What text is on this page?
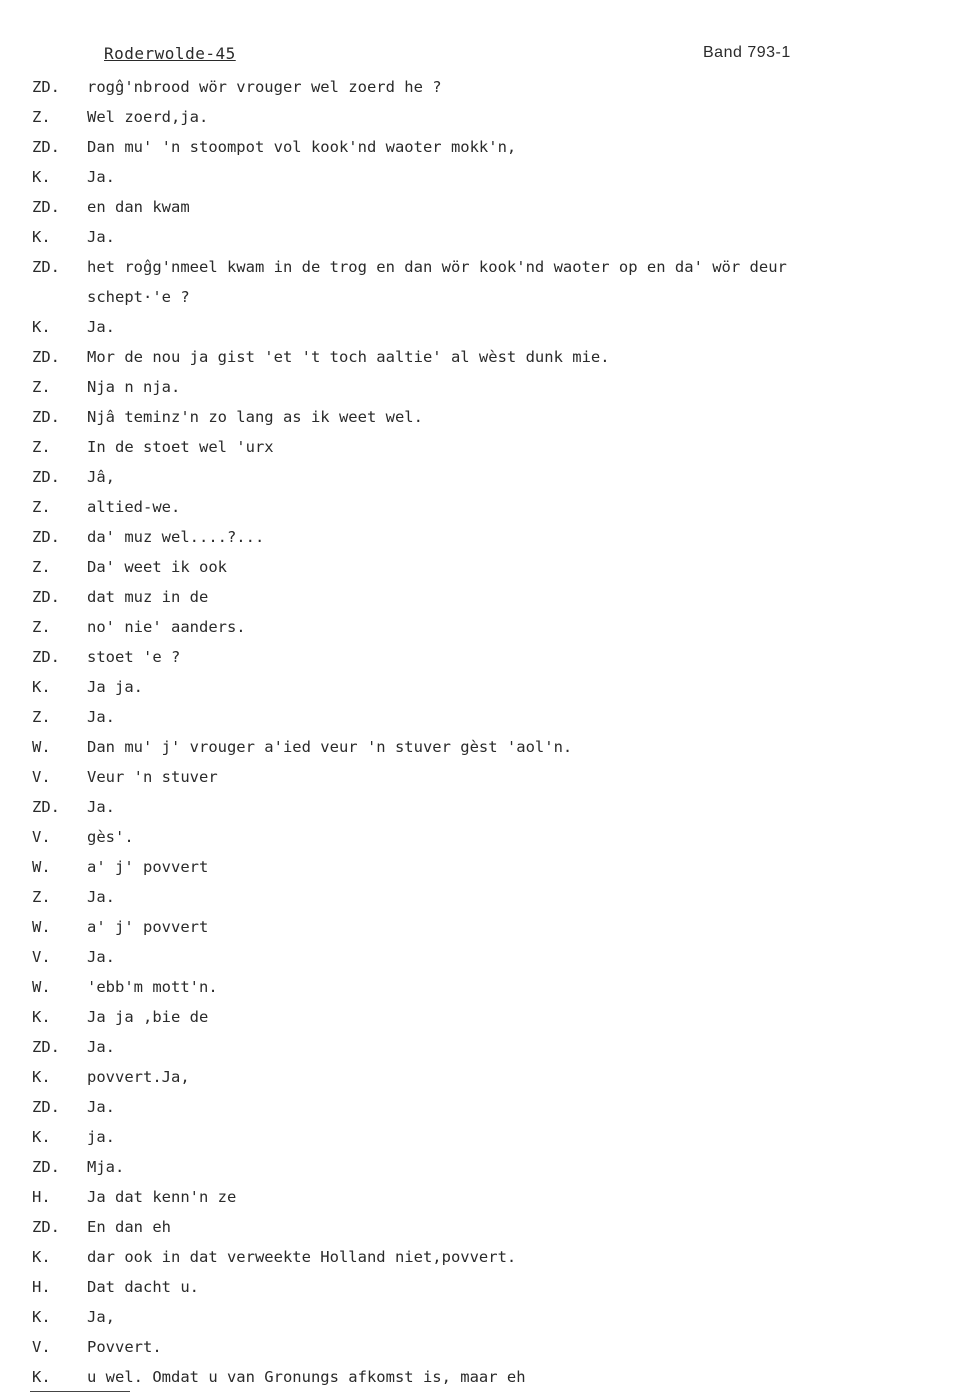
Roderwolde-45	Band 793-1
ZD.	rogĝ'nbrood wör vrouger wel zoerd he ?
Z.	Wel zoerd,ja.
ZD.	Dan mu' 'n stoompot vol kook'nd waoter mokk'n,
K.	Ja.
ZD.	en dan kwam
K.	Ja.
ZD.	het roĝg'nmeel kwam in de trog en dan wör kook'nd waoter op en da' wör deur
schept·'e ?
K.	Ja.
ZD.	Mor de nou ja gist 'et 't toch aaltie' al wèst dunk mie.
Z.	Nja n nja.
ZD.	Njâ teminz'n zo lang as ik weet wel.
Z.	In de stoet wel 'urx
ZD.	Jâ,
Z.	altied-we.
ZD.	da' muz wel....?...
Z.	Da' weet ik ook
ZD.	dat muz in de
Z.	no' nie' aanders.
ZD.	stoet 'e ?
K.	Ja ja.
Z.	Ja.
W.	Dan mu' j' vrouger a'ied veur 'n stuver gèst 'aol'n.
V.	Veur 'n stuver
ZD.	Ja.
V.	gès'.
W.	a' j' povvert
Z.	Ja.
W.	a' j' povvert
V.	Ja.
W.	'ebb'm mott'n.
K.	Ja ja ,bie de
ZD.	Ja.
K.	povvert.Ja,
ZD.	Ja.
K.	ja.
ZD.	Mja.
H.	Ja dat kenn'n ze
ZD.	En dan eh
K.	dar ook in dat verweekte Holland niet,povvert.
H.	Dat dacht u.
K.	Ja,
V.	Povvert.
K.	u wel. Omdat u van Gronungs afkomst is, maar eh
